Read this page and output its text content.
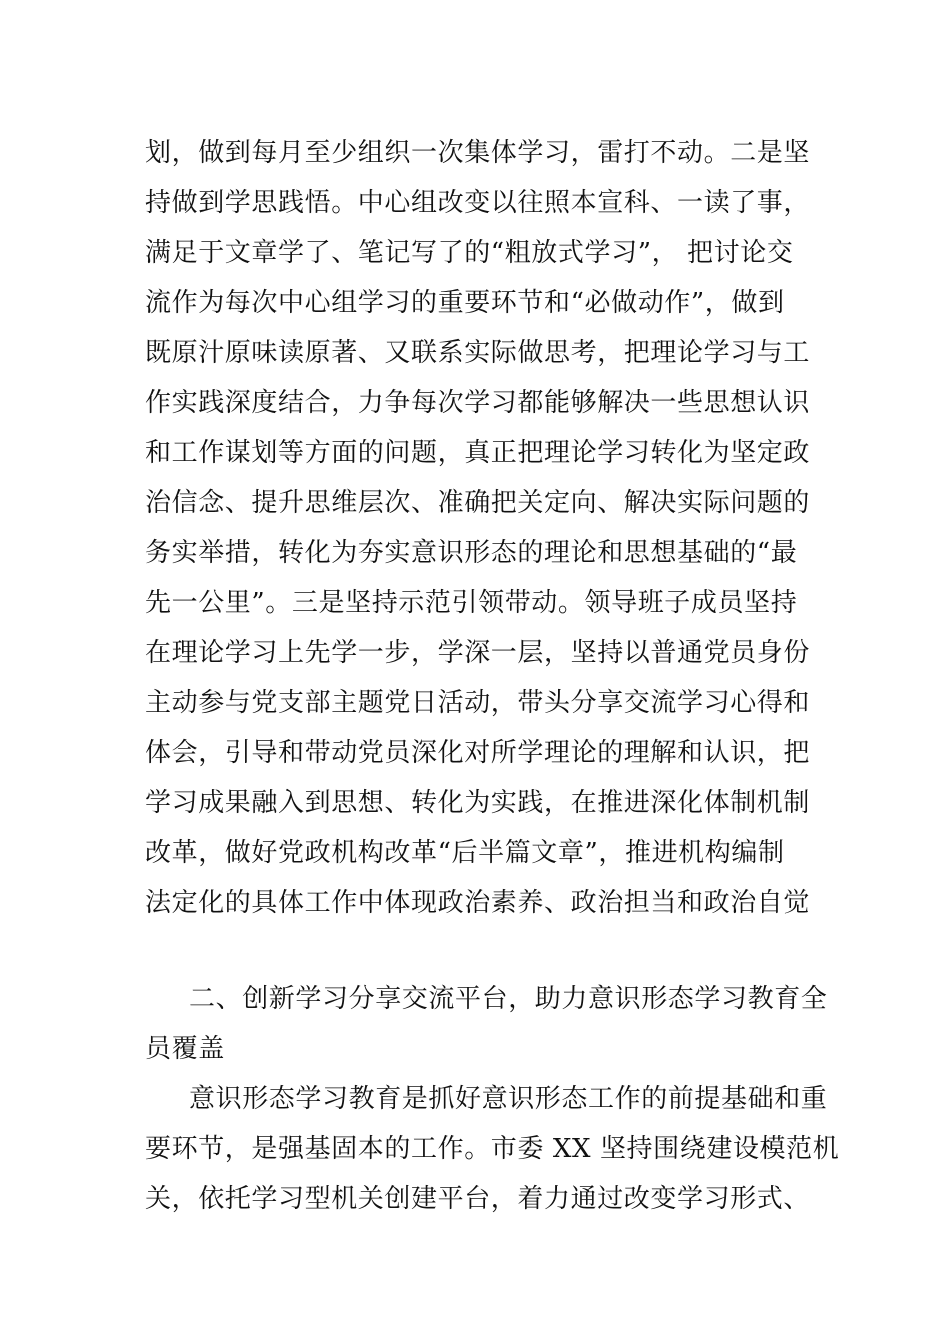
划，做到每月至少组织一次集体学习，雷打不动。二是坚
持做到学思践悟。中心组改变以往照本宣科、一读了事，
满足于文章学了、笔记写了的“粗放式学习”， 把讨论交
流作为每次中心组学习的重要环节和“必做动作”，做到
既原汁原味读原著、又联系实际做思考，把理论学习与工
作实践深度结合，力争每次学习都能够解决一些思想认识
和工作谋划等方面的问题，真正把理论学习转化为坚定政
治信念、提升思维层次、准确把关定向、解决实际问题的
务实举措，转化为夯实意识形态的理论和思想基础的“最
先一公里”。三是坚持示范引领带动。领导班子成员坚持
在理论学习上先学一步，学深一层，坚持以普通党员身份
主动参与党支部主题党日活动，带头分享交流学习心得和
体会，引导和带动党员深化对所学理论的理解和认识，把
学习成果融入到思想、转化为实践，在推进深化体制机制
改革，做好党政机构改革“后半篇文章”，推进机构编制
法定化的具体工作中体现政治素养、政治担当和政治自觉
二、创新学习分享交流平台，助力意识形态学习教育全
员覆盖
意识形态学习教育是抓好意识形态工作的前提基础和重
要环节，是强基固本的工作。市委 XX 坚持围绕建设模范机
关，依托学习型机关创建平台，着力通过改变学习形式、
